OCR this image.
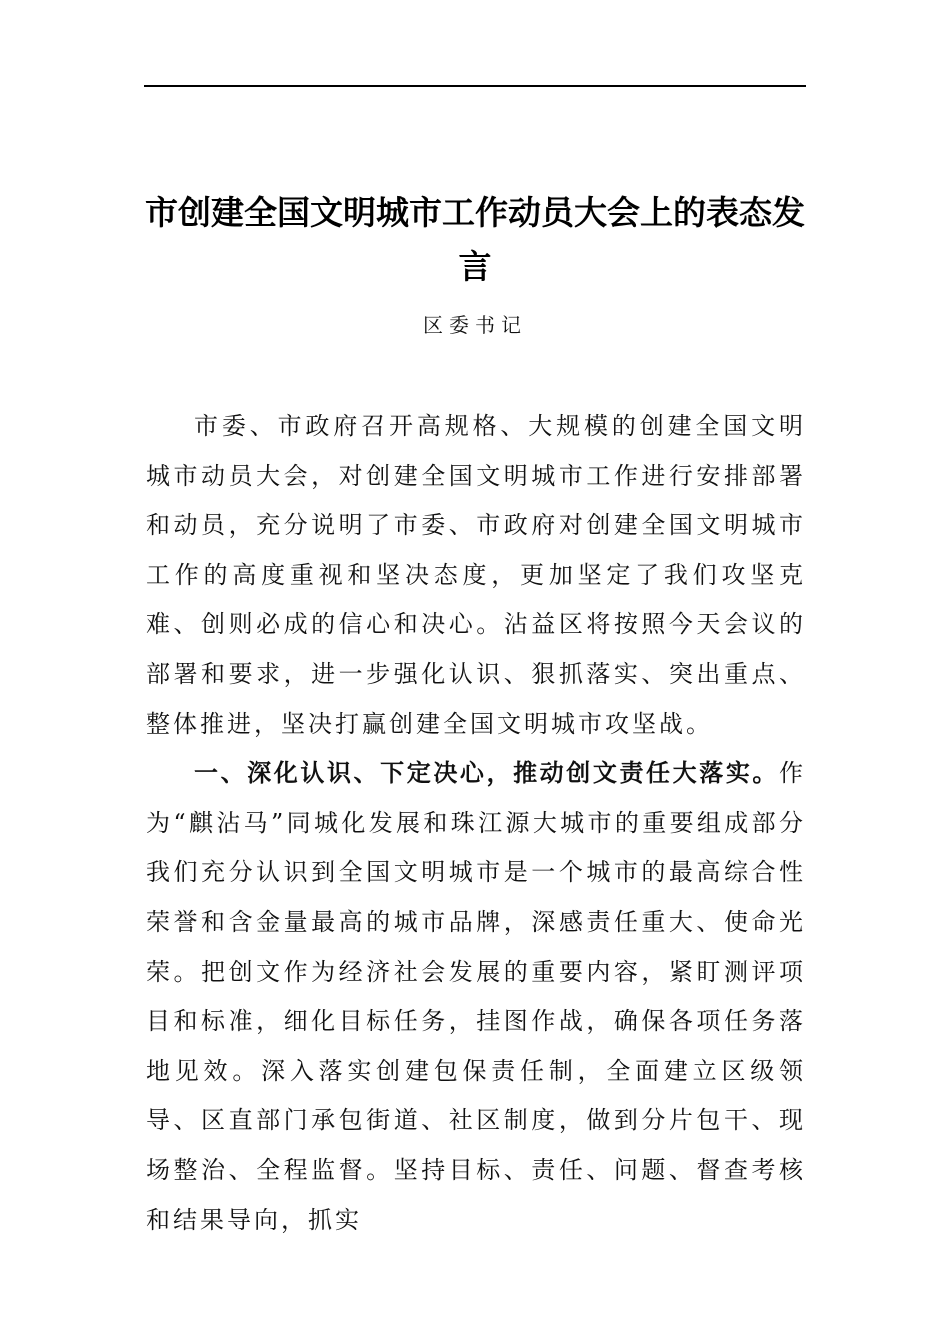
市创建全国文明城市工作动员大会上的表态发言
区委书记

市委、市政府召开高规格、大规模的创建全国文明城市动员大会，对创建全国文明城市工作进行安排部署和动员，充分说明了市委、市政府对创建全国文明城市工作的高度重视和坚决态度，更加坚定了我们攻坚克难、创则必成的信心和决心。沾益区将按照今天会议的部署和要求，进一步强化认识、狠抓落实、突出重点、整体推进，坚决打赢创建全国文明城市攻坚战。

一、深化认识、下定决心，推动创文责任大落实。作为“麒沾马”同城化发展和珠江源大城市的重要组成部分我们充分认识到全国文明城市是一个城市的最高综合性荣誉和含金量最高的城市品牌，深感责任重大、使命光荣。把创文作为经济社会发展的重要内容，紧盯测评项目和标准，细化目标任务，挂图作战，确保各项任务落地见效。深入落实创建包保责任制，全面建立区级领导、区直部门承包街道、社区制度，做到分片包干、现场整治、全程监督。坚持目标、责任、问题、督查考核和结果导向，抓实
